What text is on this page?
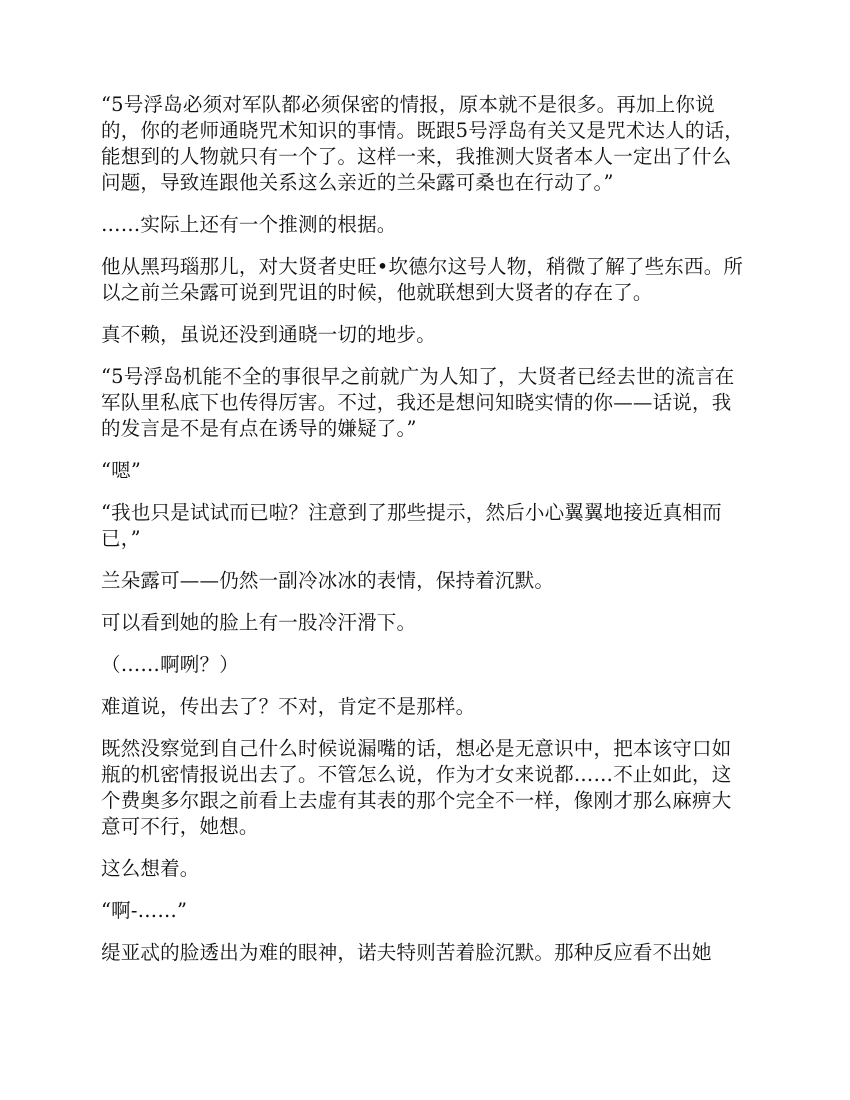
“5号浮岛必须对军队都必须保密的情报，原本就不是很多。再加上你说的，你的老师通晓咒术知识的事情。既跟5号浮岛有关又是咒术达人的话，能想到的人物就只有一个了。这样一来，我推测大贤者本人一定出了什么问题，导致连跟他关系这么亲近的兰朵露可桑也在行动了。”

……实际上还有一个推测的根据。

他从黑玛瑙那儿，对大贤者史旺•坎德尔这号人物，稍微了解了些东西。所以之前兰朵露可说到咒诅的时候，他就联想到大贤者的存在了。

真不赖，虽说还没到通晓一切的地步。

“5号浮岛机能不全的事很早之前就广为人知了，大贤者已经去世的流言在军队里私底下也传得厉害。不过，我还是想问知晓实情的你——话说，我的发言是不是有点在诱导的嫌疑了。”

“嗯”

“我也只是试试而已啦？注意到了那些提示，然后小心翼翼地接近真相而已，”

兰朵露可——仍然一副冷冰冰的表情，保持着沉默。

可以看到她的脸上有一股冷汗滑下。

（……啊咧？）

难道说，传出去了？不对，肯定不是那样。

既然没察觉到自己什么时候说漏嘴的话，想必是无意识中，把本该守口如瓶的机密情报说出去了。不管怎么说，作为才女来说都……不止如此，这个费奥多尔跟之前看上去虚有其表的那个完全不一样，像刚才那么麻痹大意可不行，她想。

这么想着。

“啊-……”

缇亚忒的脸透出为难的眼神，诺夫特则苦着脸沉默。那种反应看不出她
